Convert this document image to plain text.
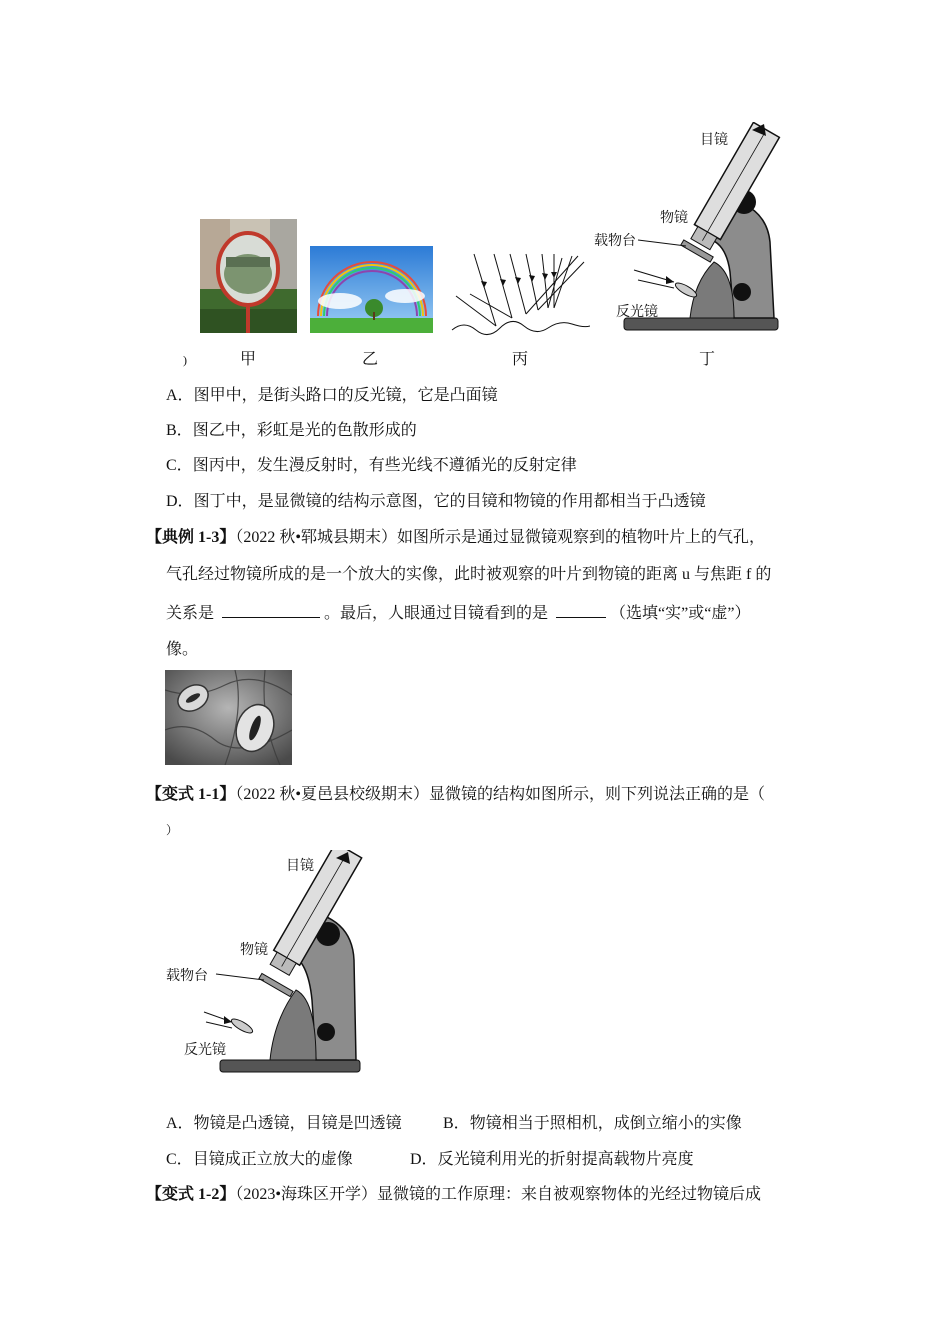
目镜
物镜
载物台
反光镜
)	甲	乙	丙	丁
A．图甲中，是街头路口的反光镜，它是凸面镜
B．图乙中，彩虹是光的色散形成的
C．图丙中，发生漫反射时，有些光线不遵循光的反射定律
D．图丁中，是显微镜的结构示意图，它的目镜和物镜的作用都相当于凸透镜
【典例 1-3】（2022 秋•郓城县期末）如图所示是通过显微镜观察到的植物叶片上的气孔，
气孔经过物镜所成的是一个放大的实像，此时被观察的叶片到物镜的距离 u 与焦距 f 的
关系是	。最后，人眼通过目镜看到的是	（选填“实”或“虚”）
像。
【变式 1-1】（2022 秋•夏邑县校级期末）显微镜的结构如图所示，则下列说法正确的是（
）
目镜
物镜
载物台
反光镜
A．物镜是凸透镜，目镜是凹透镜	B．物镜相当于照相机，成倒立缩小的实像
C．目镜成正立放大的虚像	D．反光镜利用光的折射提高载物片亮度
【变式 1-2】（2023•海珠区开学）显微镜的工作原理：来自被观察物体的光经过物镜后成
